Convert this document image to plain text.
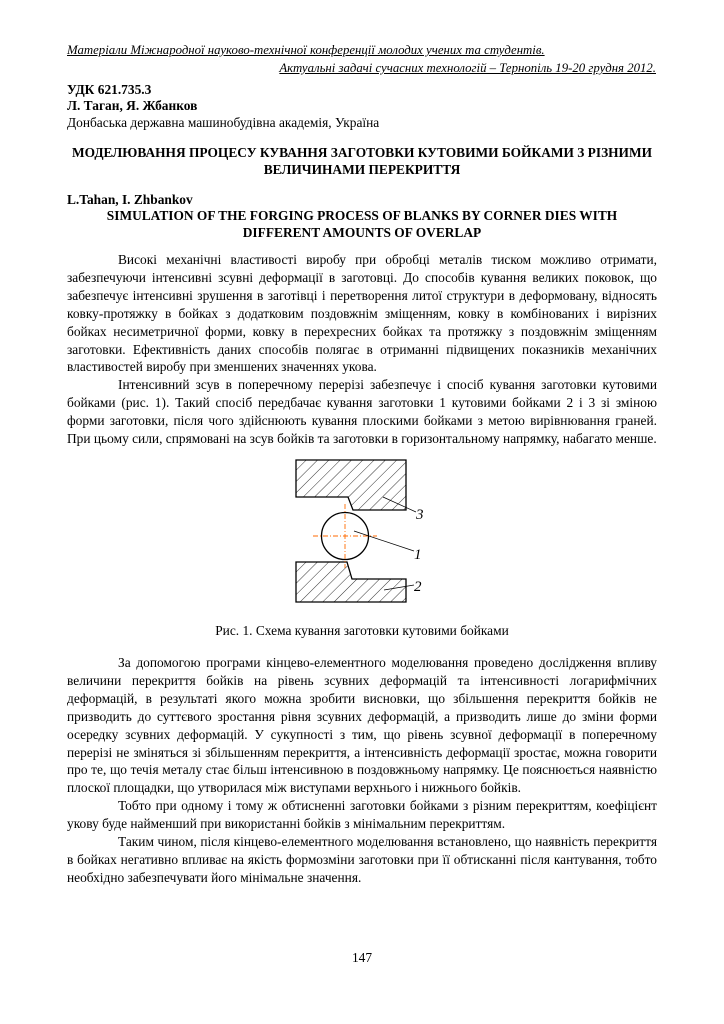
Матеріали Міжнародної науково-технічної конференції молодих учених та студентів.
Актуальні задачі сучасних технологій – Тернопіль 19-20 грудня 2012.
УДК 621.735.3
Л. Таган, Я. Жбанков
Донбаська державна машинобудівна академія, Україна
МОДЕЛЮВАННЯ ПРОЦЕСУ КУВАННЯ ЗАГОТОВКИ КУТОВИМИ БОЙКАМИ З РІЗНИМИ ВЕЛИЧИНАМИ ПЕРЕКРИТТЯ
L.Tahan, I. Zhbankov
SIMULATION OF THE FORGING PROCESS OF BLANKS BY CORNER DIES WITH DIFFERENT AMOUNTS OF OVERLAP

Високі механічні властивості виробу при обробці металів тиском можливо отримати, забезпечуючи інтенсивні зсувні деформації в заготовці. До способів кування великих поковок, що забезпечує інтенсивні зрушення в заготівці і перетворення литої структури в деформовану, відносять ковку-протяжку в бойках з додатковим поздовжнім зміщенням, ковку в комбінованих і вирізних бойках несиметричної форми, ковку в перехресних бойках та протяжку з поздовжнім зміщенням заготовки. Ефективність даних способів полягає в отриманні підвищених показників механічних властивостей виробу при зменшених значеннях укова.

Інтенсивний зсув в поперечному перерізі забезпечує і спосіб кування заготовки кутовими бойками (рис. 1). Такий спосіб передбачає кування заготовки 1 кутовими бойками 2 і 3 зі зміною форми заготовки, після чого здійснюють кування плоскими бойками з метою вирівнювання граней. При цьому сили, спрямовані на зсув бойків та заготовки в горизонтальному напрямку, набагато менше.

3
1
2
Рис. 1. Схема кування заготовки кутовими бойками

За допомогою програми кінцево-елементного моделювання проведено дослідження впливу величини перекриття бойків на рівень зсувних деформацій та інтенсивності логарифмічних деформацій, в результаті якого можна зробити висновки, що збільшення перекриття бойків не призводить до суттєвого зростання рівня зсувних деформацій, а призводить лише до зміни форми осередку зсувних деформацій. У сукупності з тим, що рівень зсувної деформації в поперечному перерізі не зміняться зі збільшенням перекриття, а інтенсивність деформації зростає, можна говорити про те, що течія металу стає більш інтенсивною в поздовжньому напрямку. Це пояснюється наявністю плоскої площадки, що утворилася між виступами верхнього і нижнього бойків.

Тобто при одному і тому ж обтисненні заготовки бойками з різним перекриттям, коефіцієнт укову буде найменший при використанні бойків з мінімальним перекриттям.

Таким чином, після кінцево-елементного моделювання встановлено, що наявність перекриття в бойках негативно впливає на якість формозміни заготовки при її обтисканні після кантування, тобто необхідно забезпечувати його мінімальне значення.

147
